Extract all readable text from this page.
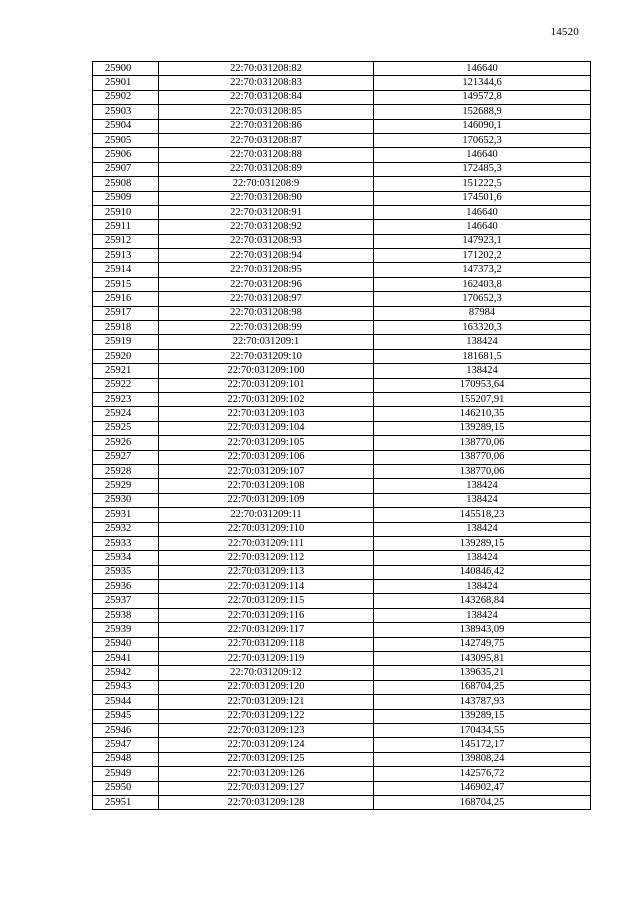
14520
25900	22:70:031208:82	146640
25901	22:70:031208:83	121344,6
25902	22:70:031208:84	149572,8
25903	22:70:031208:85	152688,9
25904	22:70:031208:86	146090,1
25905	22:70:031208:87	170652,3
25906	22:70:031208:88	146640
25907	22:70:031208:89	172485,3
25908	22:70:031208:9	151222,5
25909	22:70:031208:90	174501,6
25910	22:70:031208:91	146640
25911	22:70:031208:92	146640
25912	22:70:031208:93	147923,1
25913	22:70:031208:94	171202,2
25914	22:70:031208:95	147373,2
25915	22:70:031208:96	162403,8
25916	22:70:031208:97	170652,3
25917	22:70:031208:98	87984
25918	22:70:031208:99	163320,3
25919	22:70:031209:1	138424
25920	22:70:031209:10	181681,5
25921	22:70:031209:100	138424
25922	22:70:031209:101	170953,64
25923	22:70:031209:102	155207,91
25924	22:70:031209:103	146210,35
25925	22:70:031209:104	139289,15
25926	22:70:031209:105	138770,06
25927	22:70:031209:106	138770,06
25928	22:70:031209:107	138770,06
25929	22:70:031209:108	138424
25930	22:70:031209:109	138424
25931	22:70:031209:11	145518,23
25932	22:70:031209:110	138424
25933	22:70:031209:111	139289,15
25934	22:70:031209:112	138424
25935	22:70:031209:113	140846,42
25936	22:70:031209:114	138424
25937	22:70:031209:115	143268,84
25938	22:70:031209:116	138424
25939	22:70:031209:117	138943,09
25940	22:70:031209:118	142749,75
25941	22:70:031209:119	143095,81
25942	22:70:031209:12	139635,21
25943	22:70:031209:120	168704,25
25944	22:70:031209:121	143787,93
25945	22:70:031209:122	139289,15
25946	22:70:031209:123	170434,55
25947	22:70:031209:124	145172,17
25948	22:70:031209:125	139808,24
25949	22:70:031209:126	142576,72
25950	22:70:031209:127	146902,47
25951	22:70:031209:128	168704,25
